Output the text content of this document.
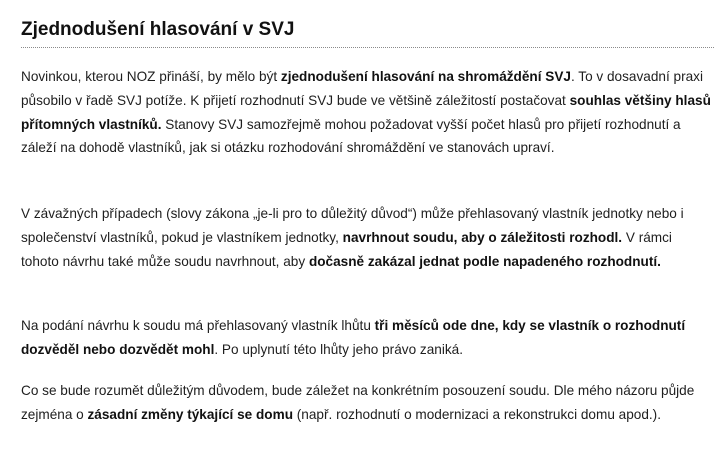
Zjednodušení hlasování v SVJ

Novinkou, kterou NOZ přináší, by mělo být zjednodušení hlasování na shromáždění SVJ. To v dosavadní praxi působilo v řadě SVJ potíže. K přijetí rozhodnutí SVJ bude ve většině záležitostí postačovat souhlas většiny hlasů přítomných vlastníků. Stanovy SVJ samozřejmě mohou požadovat vyšší počet hlasů pro přijetí rozhodnutí a záleží na dohodě vlastníků, jak si otázku rozhodování shromáždění ve stanovách upraví.

V závažných případech (slovy zákona „je-li pro to důležitý důvod“) může přehlasovaný vlastník jednotky nebo i společenství vlastníků, pokud je vlastníkem jednotky, navrhnout soudu, aby o záležitosti rozhodl. V rámci tohoto návrhu také může soudu navrhnout, aby dočasně zakázal jednat podle napadeného rozhodnutí.

Na podání návrhu k soudu má přehlasovaný vlastník lhůtu tři měsíců ode dne, kdy se vlastník o rozhodnutí dozvěděl nebo dozvědět mohl. Po uplynutí této lhůty jeho právo zaniká.

Co se bude rozumět důležitým důvodem, bude záležet na konkrétním posouzení soudu. Dle mého názoru půjde zejména o zásadní změny týkající se domu (např. rozhodnutí o modernizaci a rekonstrukci domu apod.).
